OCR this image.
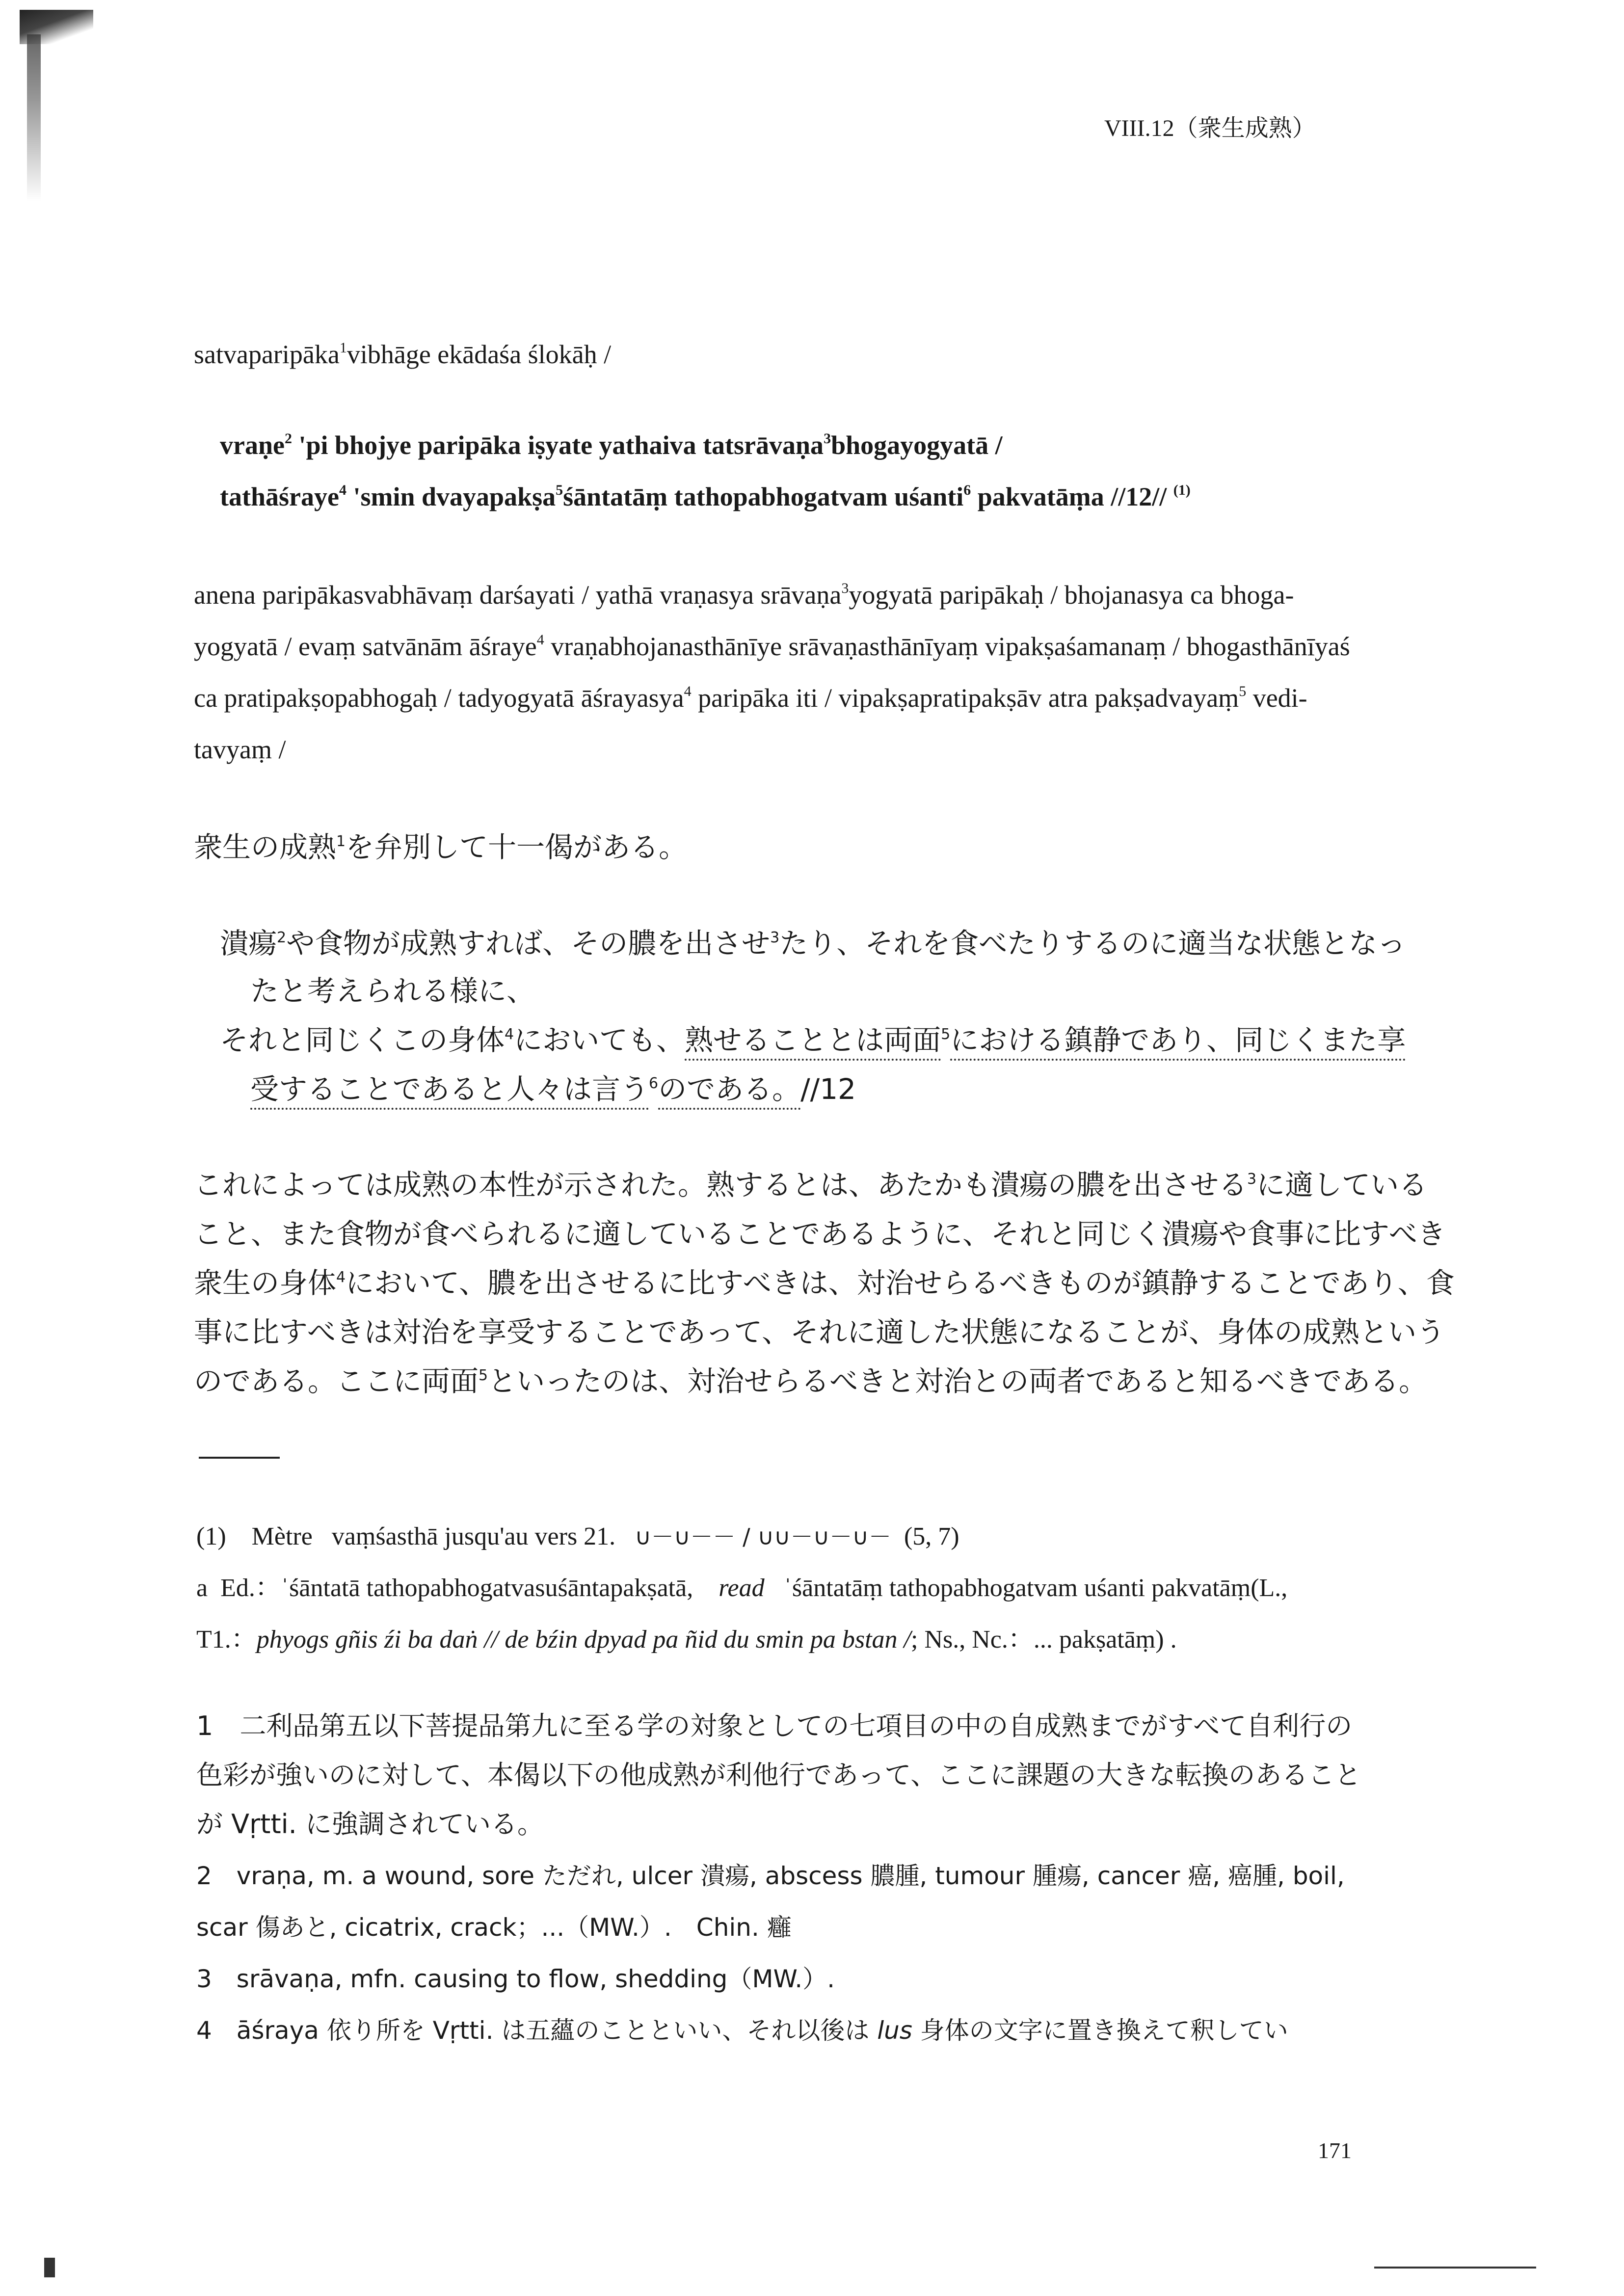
VIII.12（衆生成熟）
satvaparipāka$^1$vibhāge ekādaśa ślokāḥ /
vraṇe$^2$ 'pi bhojye paripāka iṣyate yathaiva tatsrāvaṇa$^3$bhogayogyatā /
tathāśraye$^4$ 'smin dvayapakṣa$^5$śāntatāṃ tathopabhogatvam uśanti$^6$ pakvatāṃa //12// $^{(1)}$
anena paripākasvabhāvaṃ darśayati / yathā vraṇasya srāvaṇa$^3$yogyatā paripākaḥ / bhojanasya ca bhoga-
yogyatā / evaṃ satvānām āśraye$^4$ vraṇabhojanasthānīye srāvaṇasthānīyaṃ vipakṣaśamanaṃ / bhogasthānīyaś
ca pratipakṣopabhogaḥ / tadyogyatā āśrayasya$^4$ paripāka iti / vipakṣapratipakṣāv atra pakṣadvayaṃ$^5$ vedi-
tavyaṃ /
衆生の成熟$^1$を弁別して十一偈がある。
潰瘍$^2$や食物が成熟すれば、その膿を出させ$^3$たり、それを食べたりするのに適当な状態となっ
たと考えられる様に、
それと同じくこの身体$^4$においても、熟せることとは両面$^5$における鎮静であり、同じくまた享
受することであると人々は言う$^6$のである。//12
これによっては成熟の本性が示された。熟するとは、あたかも潰瘍の膿を出させる$^3$に適している
こと、また食物が食べられるに適していることであるように、それと同じく潰瘍や食事に比すべき
衆生の身体$^4$において、膿を出させるに比すべきは、対治せらるべきものが鎮静することであり、食
事に比すべきは対治を享受することであって、それに適した状態になることが、身体の成熟という
のである。ここに両面$^5$といったのは、対治せらるべきと対治との両者であると知るべきである。
(1) Mètre vaṃśasthā jusqu'au vers 21. ∪－∪－－ / ∪∪－∪－∪－ (5, 7)
a Ed.：ˈśāntatā tathopabhogatvasuśāntapakṣatā, read ˈśāntatāṃ tathopabhogatvam uśanti pakvatāṃ(L.,
T1.：phyogs gñis źi ba daṅ // de bźin dpyad pa ñid du smin pa bstan /; Ns., Nc.：... pakṣatāṃ) .
1　二利品第五以下菩提品第九に至る学の対象としての七項目の中の自成熟までがすべて自利行の
色彩が強いのに対して、本偈以下の他成熟が利他行であって、ここに課題の大きな転換のあること
が Vṛtti. に強調されている。
2　vraṇa, m. a wound, sore ただれ, ulcer 潰瘍, abscess 膿腫, tumour 腫瘍, cancer 癌, 癌腫, boil,
scar 傷あと, cicatrix, crack；...（MW.）.　Chin. 癰
3　srāvaṇa, mfn. causing to flow, shedding（MW.）.
4　āśraya 依り所を Vṛtti. は五蘊のことといい、それ以後は lus 身体の文字に置き換えて釈してい
171
